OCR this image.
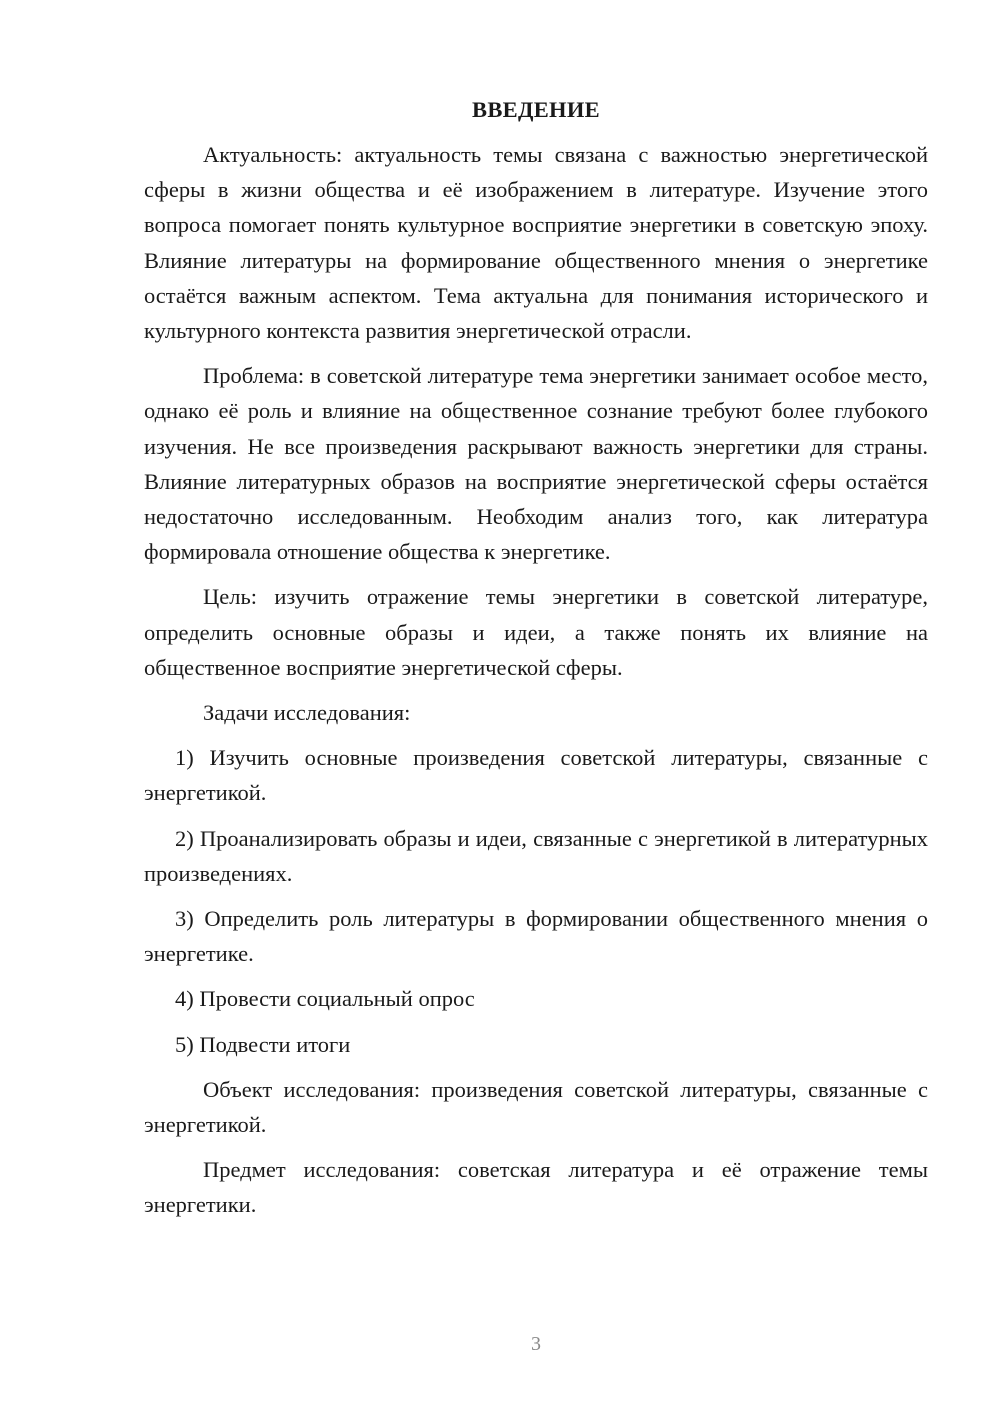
ВВЕДЕНИЕ

Актуальность: актуальность темы связана с важностью энергетической сферы в жизни общества и её изображением в литературе. Изучение этого вопроса помогает понять культурное восприятие энергетики в советскую эпоху. Влияние литературы на формирование общественного мнения о энергетике остаётся важным аспектом. Тема актуальна для понимания исторического и культурного контекста развития энергетической отрасли.

Проблема: в советской литературе тема энергетики занимает особое место, однако её роль и влияние на общественное сознание требуют более глубокого изучения. Не все произведения раскрывают важность энергетики для страны. Влияние литературных образов на восприятие энергетической сферы остаётся недостаточно исследованным. Необходим анализ того, как литература формировала отношение общества к энергетике.

Цель: изучить отражение темы энергетики в советской литературе, определить основные образы и идеи, а также понять их влияние на общественное восприятие энергетической сферы.

Задачи исследования:

1) Изучить основные произведения советской литературы, связанные с энергетикой.

2) Проанализировать образы и идеи, связанные с энергетикой в литературных произведениях.

3) Определить роль литературы в формировании общественного мнения о энергетике.

4) Провести социальный опрос

5) Подвести итоги

Объект исследования: произведения советской литературы, связанные с энергетикой.

Предмет исследования: советская литература и её отражение темы энергетики.

3
